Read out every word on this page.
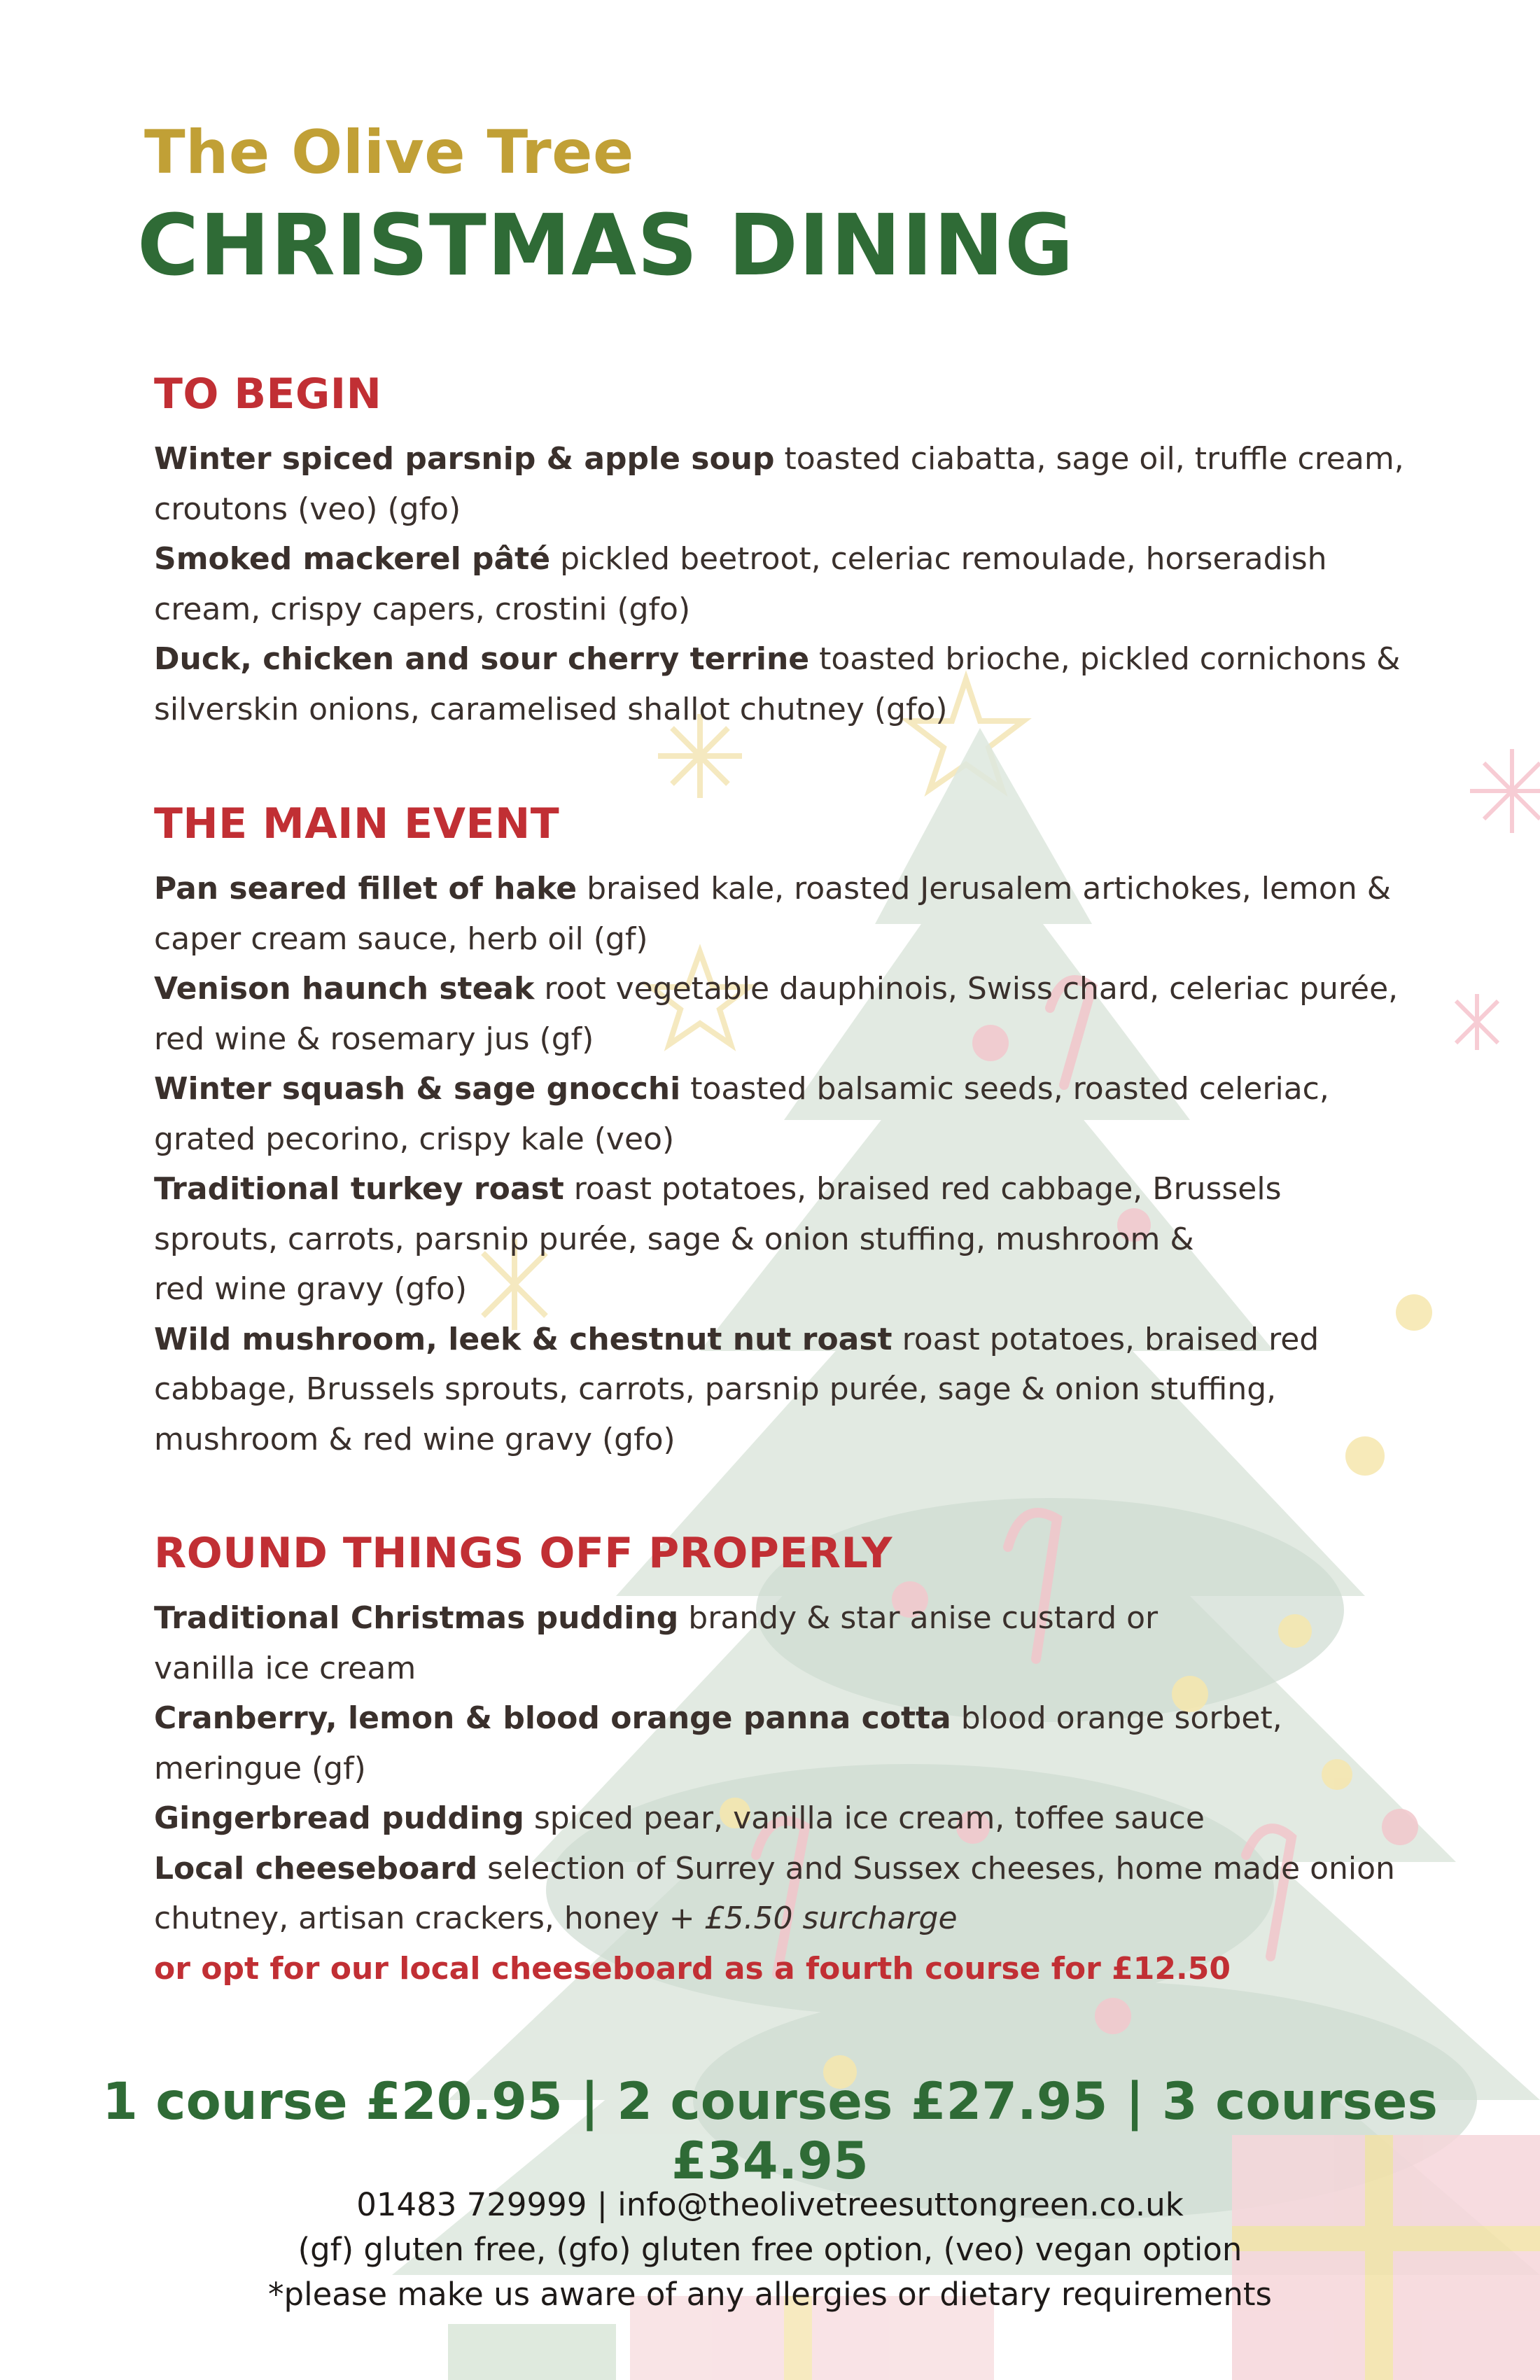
The Olive Tree
CHRISTMAS DINING
TO BEGIN

Winter spiced parsnip & apple soup toasted ciabatta, sage oil, truffle cream, croutons (veo) (gfo)

Smoked mackerel pâté pickled beetroot, celeriac remoulade, horseradish cream, crispy capers, crostini (gfo)

Duck, chicken and sour cherry terrine toasted brioche, pickled cornichons & silverskin onions, caramelised shallot chutney (gfo)

THE MAIN EVENT

Pan seared fillet of hake braised kale, roasted Jerusalem artichokes, lemon & caper cream sauce, herb oil (gf)

Venison haunch steak root vegetable dauphinois, Swiss chard, celeriac purée, red wine & rosemary jus (gf)

Winter squash & sage gnocchi toasted balsamic seeds, roasted celeriac, grated pecorino, crispy kale (veo)

Traditional turkey roast roast potatoes, braised red cabbage, Brussels sprouts, carrots, parsnip purée, sage & onion stuffing, mushroom &
red wine gravy (gfo)

Wild mushroom, leek & chestnut nut roast roast potatoes, braised red cabbage, Brussels sprouts, carrots, parsnip purée, sage & onion stuffing, mushroom & red wine gravy (gfo)

ROUND THINGS OFF PROPERLY

Traditional Christmas pudding brandy & star anise custard or
vanilla ice cream

Cranberry, lemon & blood orange panna cotta blood orange sorbet, meringue (gf)

Gingerbread pudding spiced pear, vanilla ice cream, toffee sauce

Local cheeseboard selection of Surrey and Sussex cheeses, home made onion chutney, artisan crackers, honey + £5.50 surcharge

or opt for our local cheeseboard as a fourth course for £12.50

1 course £20.95 | 2 courses £27.95 | 3 courses £34.95

01483 729999 | info@theolivetreesuttongreen.co.uk

(gf) gluten free, (gfo) gluten free option, (veo) vegan option

*please make us aware of any allergies or dietary requirements
